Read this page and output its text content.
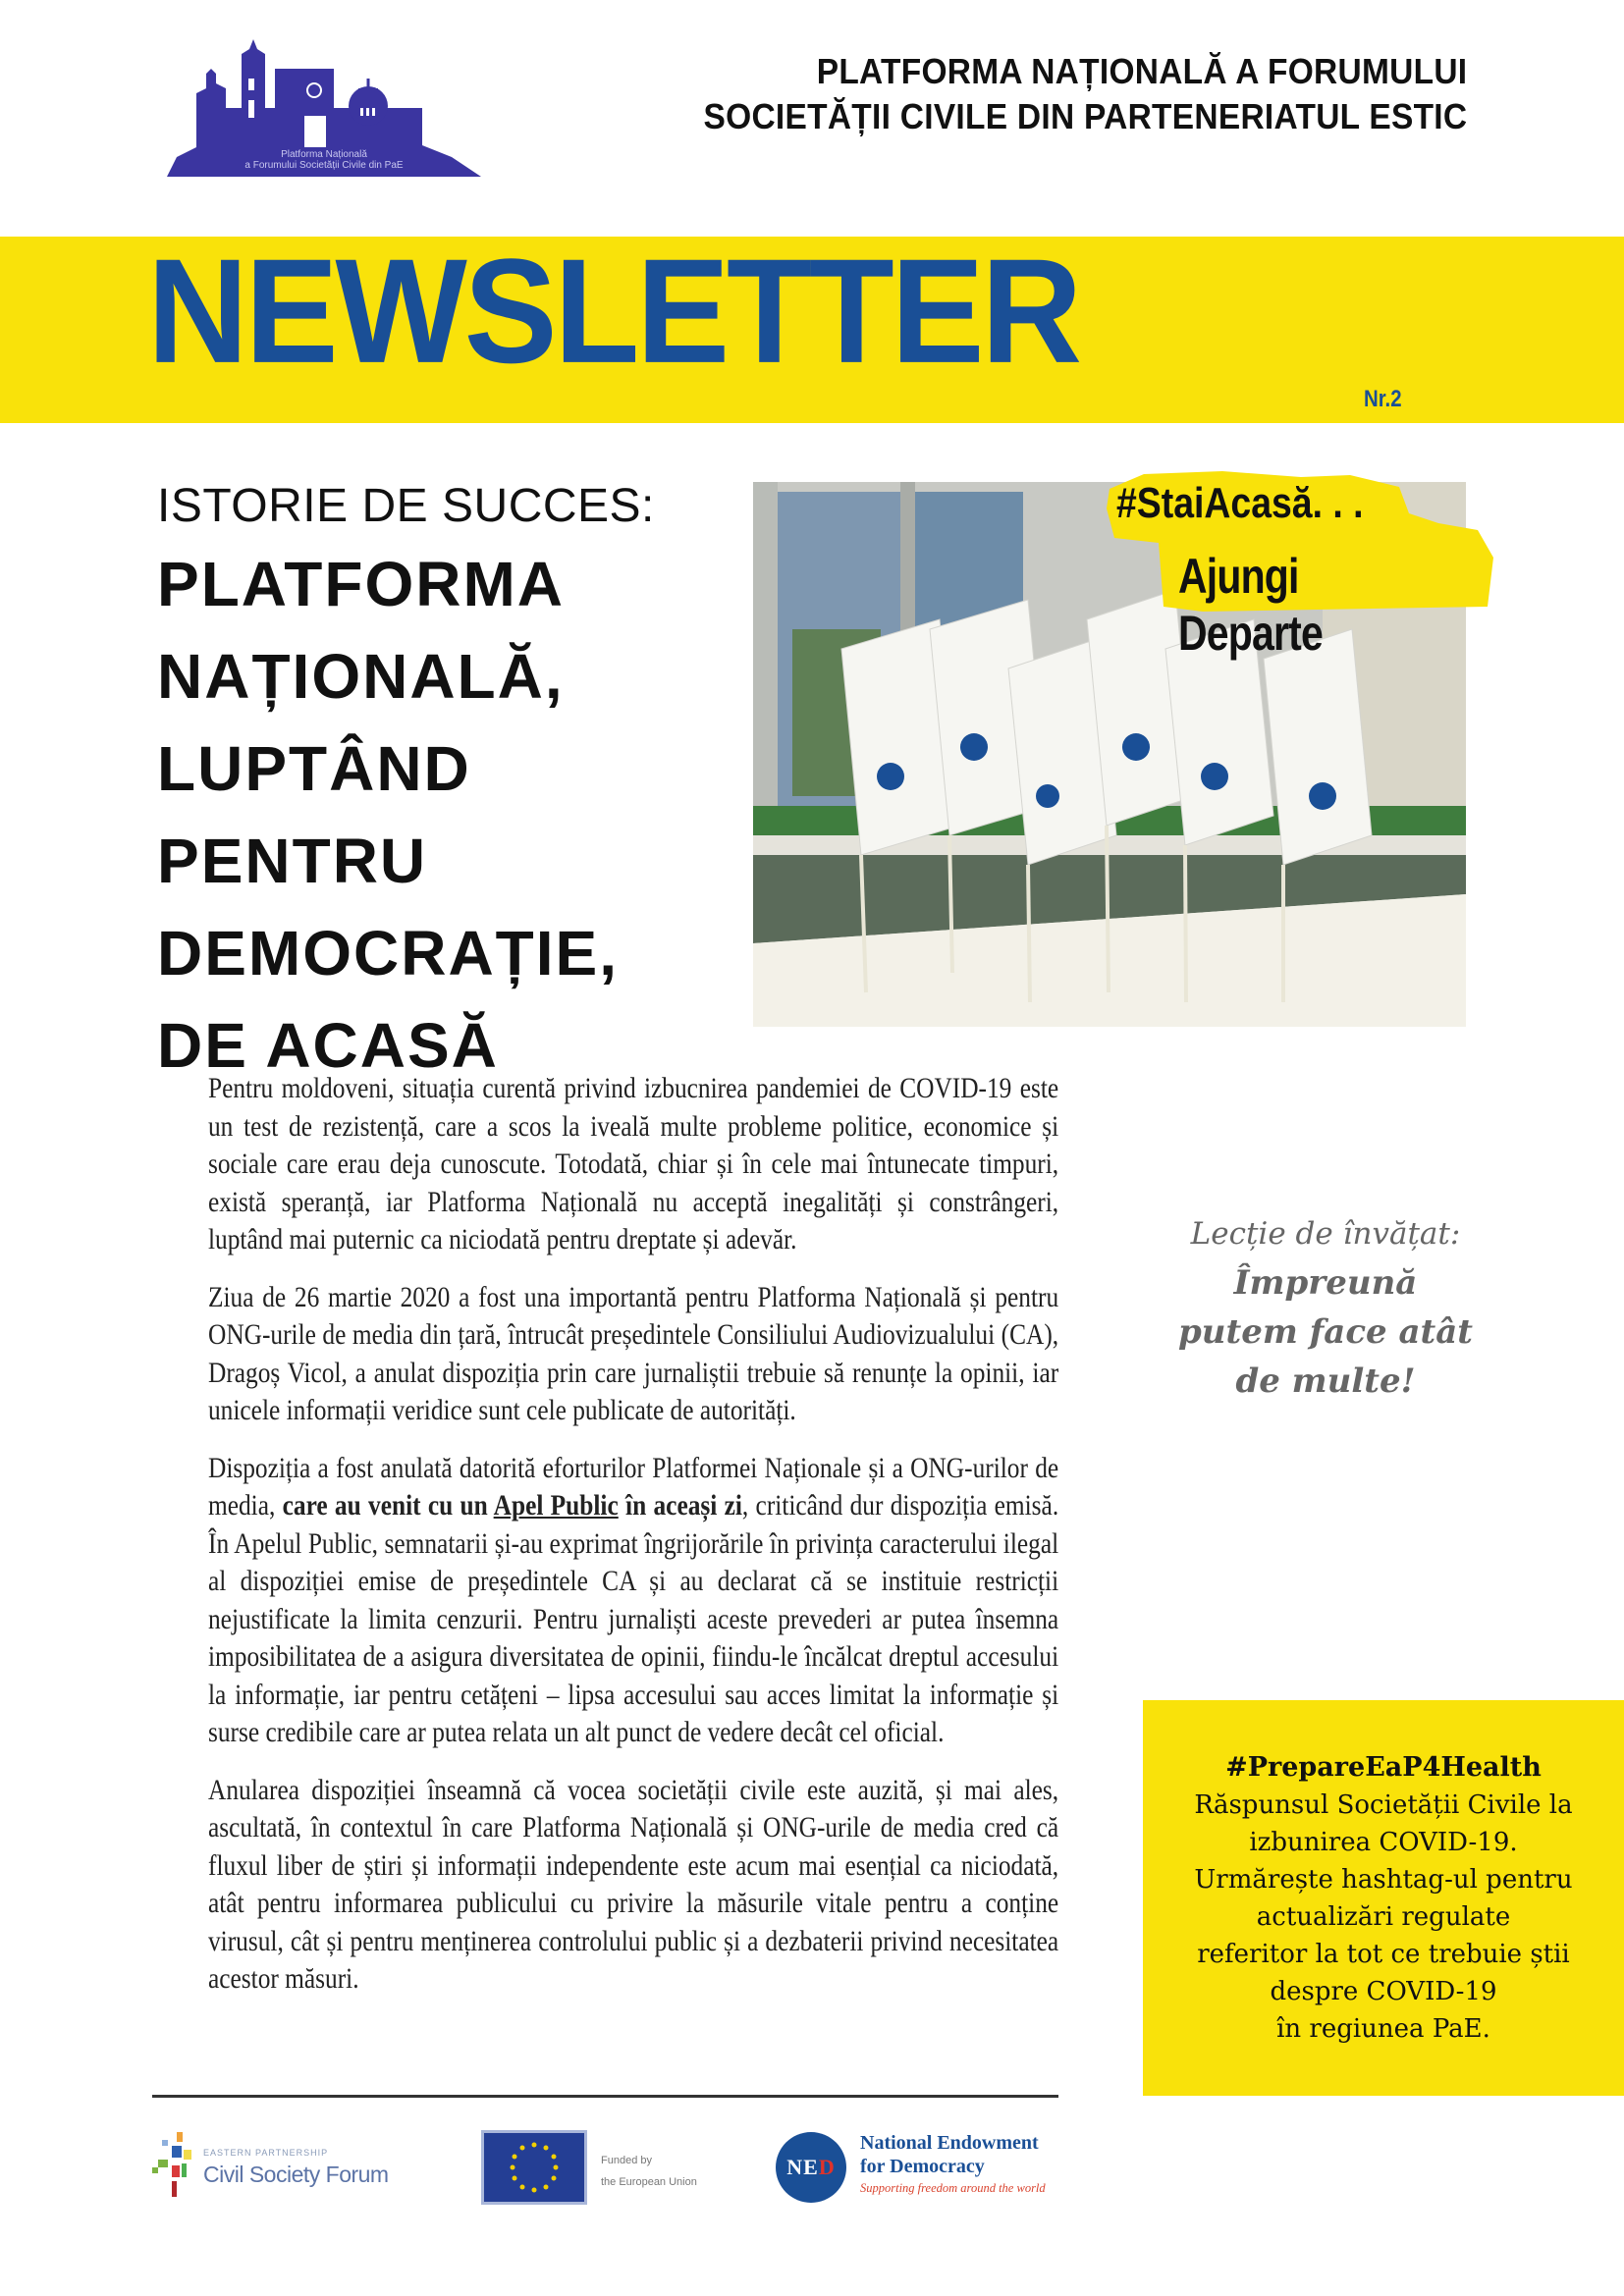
Platforma Națională
a Forumului Societății Civile din PaE
PLATFORMA NAȚIONALĂ A FORUMULUI
SOCIETĂȚII CIVILE DIN PARTENERIATUL ESTIC
NEWSLETTER
Nr.2
ISTORIE DE SUCCES:
PLATFORMA
NAȚIONALĂ,
LUPTÂND
PENTRU
DEMOCRAȚIE,
DE ACASĂ
#StaiAcasă. . .
Ajungi Departe

Pentru moldoveni, situația curentă privind izbucnirea pandemiei de COVID-19 este un test de rezistență, care a scos la iveală multe probleme politice, economice și sociale care erau deja cunoscute. Totodată, chiar și în cele mai întunecate timpuri, există speranță, iar Platforma Națională nu acceptă inegalități și constrângeri, luptând mai puternic ca niciodată pentru dreptate și adevăr.

Ziua de 26 martie 2020 a fost una importantă pentru Platforma Națională și pentru ONG-urile de media din țară, întrucât președintele Consiliului Audiovizualului (CA), Dragoș Vicol, a anulat dispoziția prin care jurnaliștii trebuie să renunțe la opinii, iar unicele informații veridice sunt cele publicate de autorități.

Dispoziția a fost anulată datorită eforturilor Platformei Naționale și a ONG-urilor de media, care au venit cu un Apel Public în aceași zi, criticând dur dispoziția emisă. În Apelul Public, semnatarii și-au exprimat îngrijorările în privința caracterului ilegal al dispoziției emise de președintele CA și au declarat că se instituie restricții nejustificate la limita cenzurii. Pentru jurnaliști aceste prevederi ar putea însemna imposibilitatea de a asigura diversitatea de opinii, fiindu-le încălcat dreptul accesului la informație, iar pentru cetățeni – lipsa accesului sau acces limitat la informație și surse credibile care ar putea relata un alt punct de vedere decât cel oficial.

Anularea dispoziției înseamnă că vocea societății civile este auzită, și mai ales, ascultată, în contextul în care Platforma Națională și ONG-urile de media cred că fluxul liber de știri și informații independente este acum mai esențial ca niciodată, atât pentru informarea publicului cu privire la măsurile vitale pentru a conține virusul, cât și pentru menținerea controlului public și a dezbaterii privind necesitatea acestor măsuri.

Lecție de învățat:
Împreună
putem face atât
de multe!
#PrepareEaP4Health
Răspunsul Societății Civile la
izbunirea COVID-19.
Urmărește hashtag-ul pentru
actualizări regulate
referitor la tot ce trebuie știi
despre COVID-19
în regiunea PaE.
EASTERN PARTNERSHIP
Civil Society Forum
Funded by
the European Union
NED
National Endowment
for Democracy
Supporting freedom around the world
